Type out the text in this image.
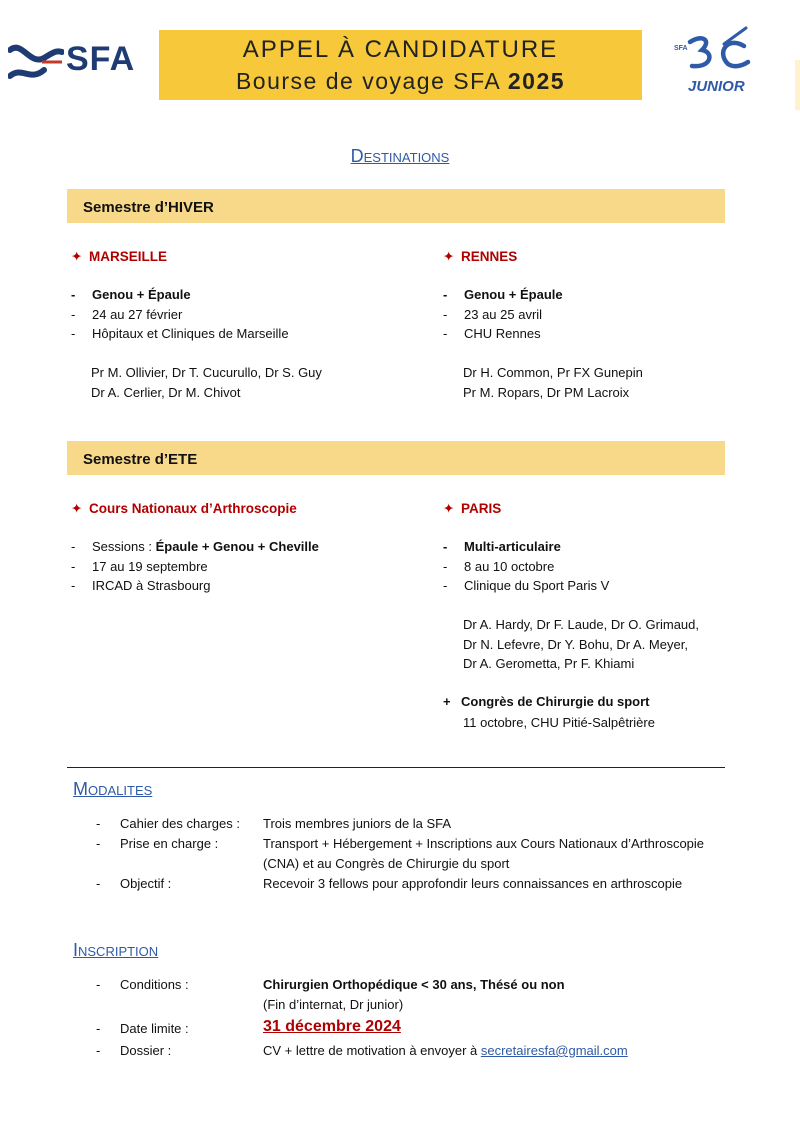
SFA	APPEL À CANDIDATURE
Bourse de voyage SFA 2025
SFA
JUNIOR
Destinations
Semestre d’HIVER
✦ MARSEILLE
- Genou + Épaule
- 24 au 27 février
- Hôpitaux et Cliniques de Marseille
Pr M. Ollivier, Dr T. Cucurullo, Dr S. Guy
Dr A. Cerlier, Dr M. Chivot
✦ RENNES
- Genou + Épaule
- 23 au 25 avril
- CHU Rennes
Dr H. Common, Pr FX Gunepin
Pr M. Ropars, Dr PM Lacroix
Semestre d’ETE
✦ Cours Nationaux d’Arthroscopie
- Sessions : Épaule + Genou + Cheville
- 17 au 19 septembre
- IRCAD à Strasbourg
✦ PARIS
- Multi-articulaire
- 8 au 10 octobre
- Clinique du Sport Paris V
Dr A. Hardy, Dr F. Laude, Dr O. Grimaud,
Dr N. Lefevre, Dr Y. Bohu, Dr A. Meyer,
Dr A. Gerometta, Pr F. Khiami
+ Congrès de Chirurgie du sport
11 octobre, CHU Pitié-Salpêtrière
Modalites
- Cahier des charges : Trois membres juniors de la SFA
- Prise en charge :	Transport + Hébergement + Inscriptions aux Cours Nationaux d’Arthroscopie
(CNA) et au Congrès de Chirurgie du sport
- Objectif :	Recevoir 3 fellows pour approfondir leurs connaissances en arthroscopie
Inscription
- Conditions :	Chirurgien Orthopédique < 30 ans, Thésé ou non
(Fin d’internat, Dr junior)
- Date limite :	31 décembre 2024
- Dossier :	CV + lettre de motivation à envoyer à secretairesfa@gmail.com
